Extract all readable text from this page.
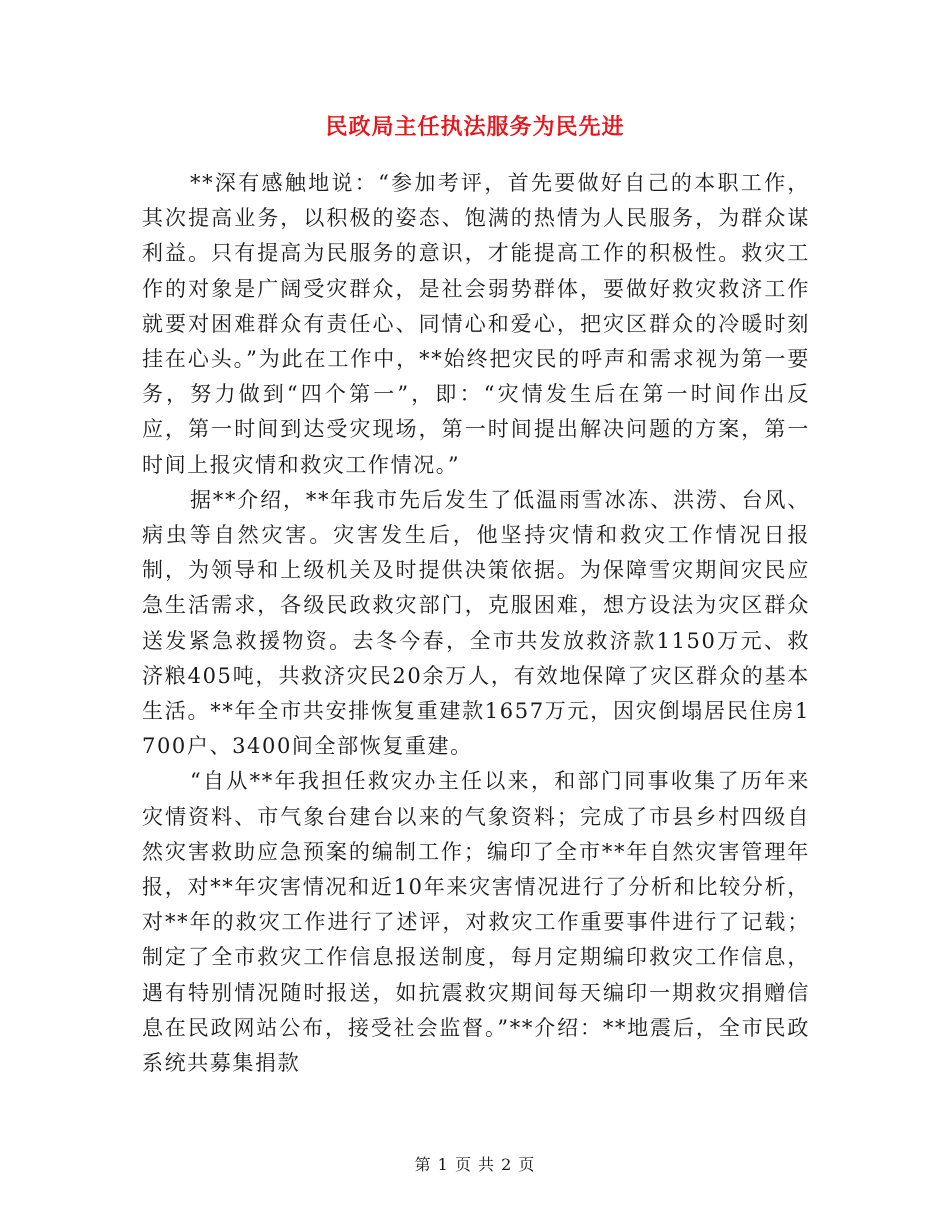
民政局主任执法服务为民先进

**深有感触地说：“参加考评，首先要做好自己的本职工作，其次提高业务，以积极的姿态、饱满的热情为人民服务，为群众谋利益。只有提高为民服务的意识，才能提高工作的积极性。救灾工作的对象是广阔受灾群众，是社会弱势群体，要做好救灾救济工作就要对困难群众有责任心、同情心和爱心，把灾区群众的冷暖时刻挂在心头。”为此在工作中，**始终把灾民的呼声和需求视为第一要务，努力做到“四个第一”，即：“灾情发生后在第一时间作出反应，第一时间到达受灾现场，第一时间提出解决问题的方案，第一时间上报灾情和救灾工作情况。”

据**介绍，**年我市先后发生了低温雨雪冰冻、洪涝、台风、病虫等自然灾害。灾害发生后，他坚持灾情和救灾工作情况日报制，为领导和上级机关及时提供决策依据。为保障雪灾期间灾民应急生活需求，各级民政救灾部门，克服困难，想方设法为灾区群众送发紧急救援物资。去冬今春，全市共发放救济款1150万元、救济粮405吨，共救济灾民20余万人，有效地保障了灾区群众的基本生活。**年全市共安排恢复重建款1657万元，因灾倒塌居民住房1700户、3400间全部恢复重建。

“自从**年我担任救灾办主任以来，和部门同事收集了历年来灾情资料、市气象台建台以来的气象资料；完成了市县乡村四级自然灾害救助应急预案的编制工作；编印了全市**年自然灾害管理年报，对**年灾害情况和近10年来灾害情况进行了分析和比较分析，对**年的救灾工作进行了述评，对救灾工作重要事件进行了记载；制定了全市救灾工作信息报送制度，每月定期编印救灾工作信息，遇有特别情况随时报送，如抗震救灾期间每天编印一期救灾捐赠信息在民政网站公布，接受社会监督。”**介绍：**地震后，全市民政系统共募集捐款

第 1 页 共 2 页
